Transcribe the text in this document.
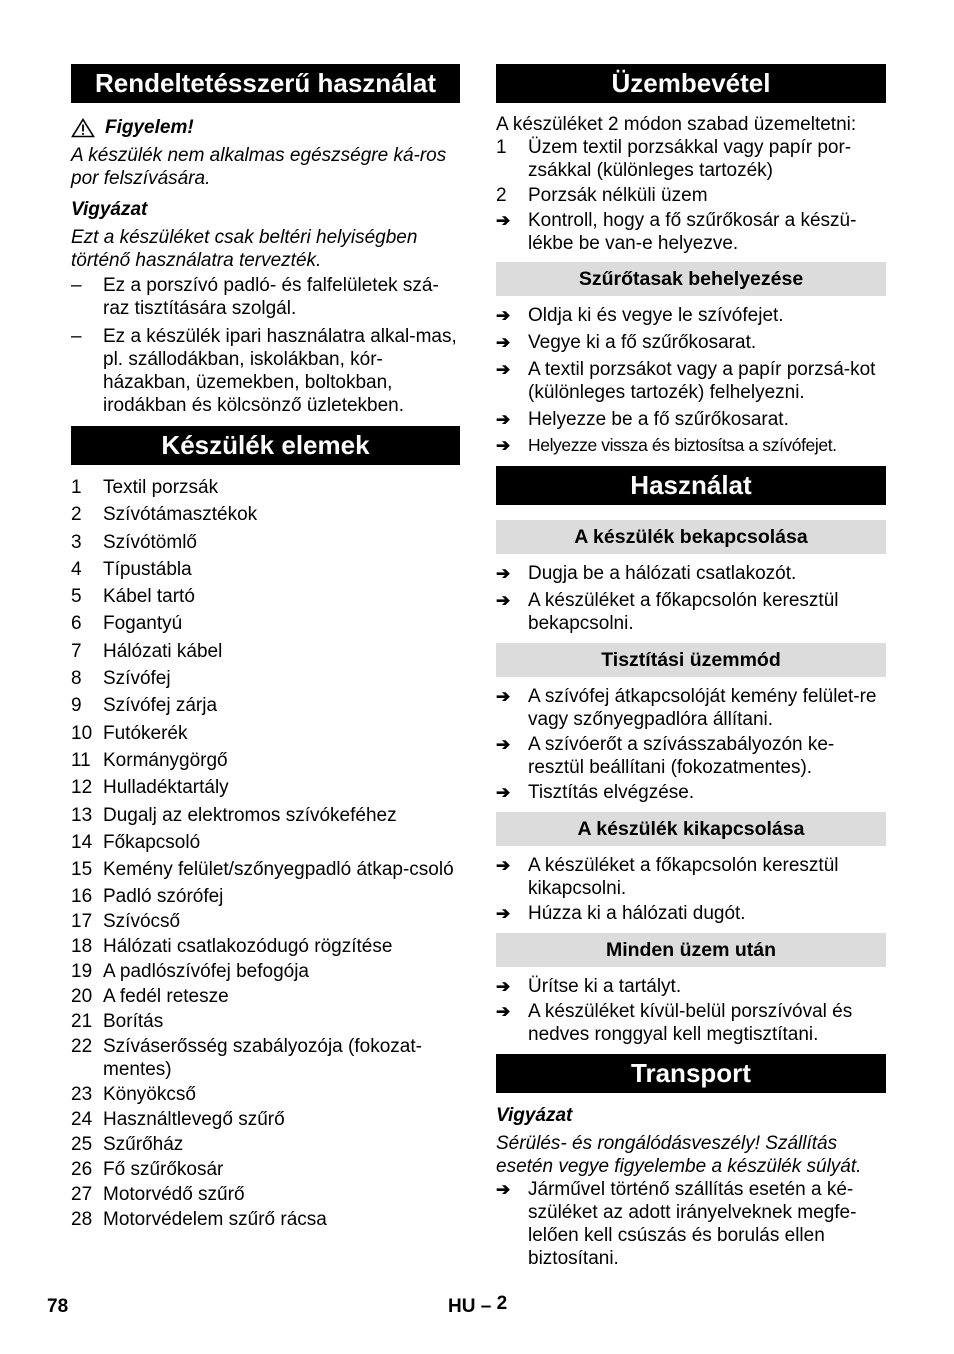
Rendeltetésszerű használat
Figyelem!
A készülék nem alkalmas egészségre ká-ros por felszívására.
Vigyázat
Ezt a készüléket csak beltéri helyiségben történő használatra tervezték.
–	Ez a porszívó padló- és falfelületek szá-raz tisztítására szolgál.
–	Ez a készülék ipari használatra alkal-mas, pl. szállodákban, iskolákban, kór-házakban, üzemekben, boltokban, irodákban és kölcsönző üzletekben.
Készülék elemek
1	Textil porzsák
2	Szívótámasztékok
3	Szívótömlő
4	Típustábla
5	Kábel tartó
6	Fogantyú
7	Hálózati kábel
8	Szívófej
9	Szívófej zárja
10 Futókerék
11 Kormánygörgő
12 Hulladéktartály
13 Dugalj az elektromos szívókeféhez
14 Főkapcsoló
15 Kemény felület/szőnyegpadló átkap-csoló
16 Padló szórófej
17 Szívócső
18 Hálózati csatlakozódugó rögzítése
19 A padlószívófej befogója
20 A fedél retesze
21 Borítás
22 Szíváserősség szabályozója (fokozat-mentes)
23 Könyökcső
24 Használtlevegő szűrő
25 Szűrőház
26 Fő szűrőkosár
27 Motorvédő szűrő
28 Motorvédelem szűrő rácsa
Üzembevétel
A készüléket 2 módon szabad üzemeltetni:
1	Üzem textil porzsákkal vagy papír por-zsákkal (különleges tartozék)
2	Porzsák nélküli üzem
➔ Kontroll, hogy a fő szűrőkosár a készü-lékbe be van-e helyezve.
Szűrőtasak behelyezése
➔ Oldja ki és vegye le szívófejet.
➔ Vegye ki a fő szűrőkosarat.
➔ A textil porzsákot vagy a papír porzsá-kot (különleges tartozék) felhelyezni.
➔ Helyezze be a fő szűrőkosarat.
➔	Helyezze vissza és biztosítsa a szívófejet.
Használat
A készülék bekapcsolása
➔ Dugja be a hálózati csatlakozót.
➔ A készüléket a főkapcsolón keresztül bekapcsolni.
Tisztítási üzemmód
➔ A szívófej átkapcsolóját kemény felület-re vagy szőnyegpadlóra állítani.
➔ A szívóerőt a szívásszabályozón ke-resztül beállítani (fokozatmentes).
➔ Tisztítás elvégzése.
A készülék kikapcsolása
➔ A készüléket a főkapcsolón keresztül kikapcsolni.
➔ Húzza ki a hálózati dugót.
Minden üzem után
➔ Ürítse ki a tartályt.
➔ A készüléket kívül-belül porszívóval és nedves ronggyal kell megtisztítani.
Transport
Vigyázat
Sérülés- és rongálódásveszély! Szállítás esetén vegye figyelembe a készülék súlyát.
➔ Járművel történő szállítás esetén a ké-szüléket az adott irányelveknek megfe-lelően kell csúszás és borulás ellen biztosítani.
78	HU – 2
